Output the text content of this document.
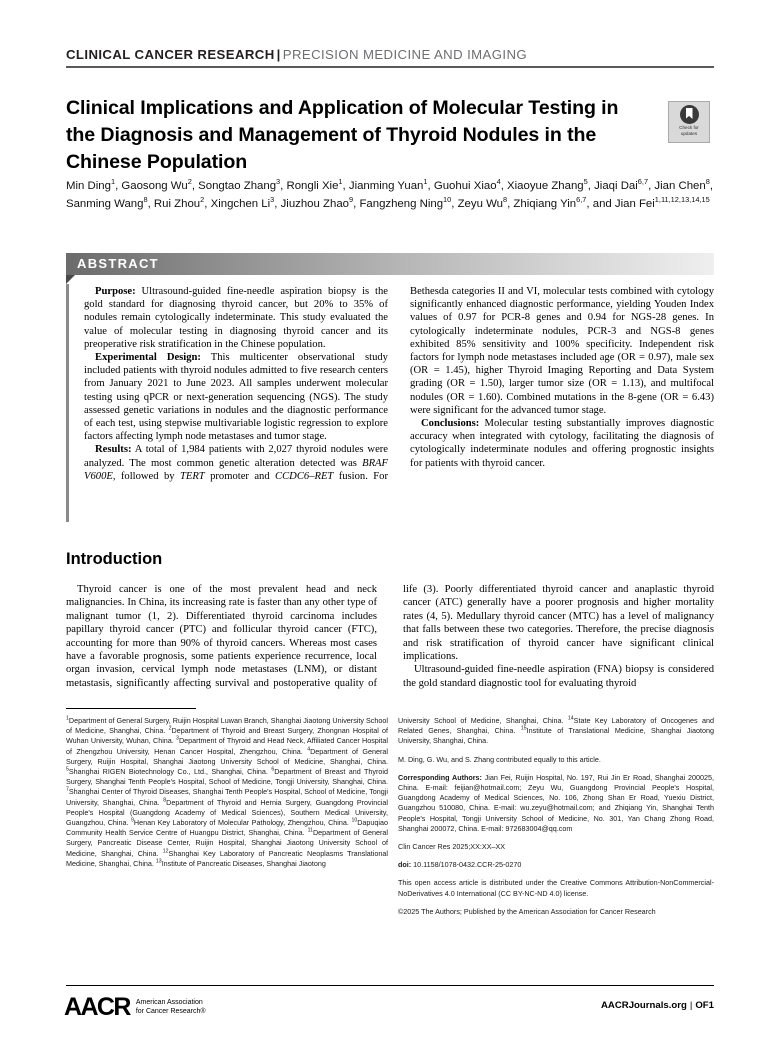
CLINICAL CANCER RESEARCH | PRECISION MEDICINE AND IMAGING
Clinical Implications and Application of Molecular Testing in the Diagnosis and Management of Thyroid Nodules in the Chinese Population
Check for
updates
Min Ding$^1$, Gaosong Wu$^2$, Songtao Zhang$^3$, Rongli Xie$^1$, Jianming Yuan$^1$, Guohui Xiao$^4$, Xiaoyue Zhang$^5$, Jiaqi Dai$^{6,7}$, Jian Chen$^8$, Sanming Wang$^8$, Rui Zhou$^2$, Xingchen Li$^3$, Jiuzhou Zhao$^9$, Fangzheng Ning$^{10}$, Zeyu Wu$^8$, Zhiqiang Yin$^{6,7}$, and Jian Fei$^{1,11,12,13,14,15}$
ABSTRACT

Purpose: Ultrasound-guided fine-needle aspiration biopsy is the gold standard for diagnosing thyroid cancer, but 20% to 35% of nodules remain cytologically indeterminate. This study evaluated the value of molecular testing in diagnosing thyroid cancer and its preoperative risk stratification in the Chinese population.

Experimental Design: This multicenter observational study included patients with thyroid nodules admitted to five research centers from January 2021 to June 2023. All samples underwent molecular testing using qPCR or next-generation sequencing (NGS). The study assessed genetic variations in nodules and the diagnostic performance of each test, using stepwise multivariable logistic regression to explore factors affecting lymph node metastases and tumor stage.

Results: A total of 1,984 patients with 2,027 thyroid nodules were analyzed. The most common genetic alteration detected was BRAF V600E, followed by TERT promoter and CCDC6–RET fusion. For Bethesda categories II and VI, molecular tests combined with cytology significantly enhanced diagnostic performance, yielding Youden Index values of 0.97 for PCR-8 genes and 0.94 for NGS-28 genes. In cytologically indeterminate nodules, PCR-3 and NGS-8 genes exhibited 85% sensitivity and 100% specificity. Independent risk factors for lymph node metastases included age (OR = 0.97), male sex (OR = 1.45), higher Thyroid Imaging Reporting and Data System grading (OR = 1.50), larger tumor size (OR = 1.13), and multifocal nodules (OR = 1.60). Combined mutations in the 8-gene (OR = 6.43) were significant for the advanced tumor stage.

Conclusions: Molecular testing substantially improves diagnostic accuracy when integrated with cytology, facilitating the diagnosis of cytologically indeterminate nodules and offering prognostic insights for patients with thyroid cancer.

Introduction

Thyroid cancer is one of the most prevalent head and neck malignancies. In China, its increasing rate is faster than any other type of malignant tumor (1, 2). Differentiated thyroid carcinoma includes papillary thyroid cancer (PTC) and follicular thyroid cancer (FTC), accounting for more than 90% of thyroid cancers. Whereas most cases have a favorable prognosis, some patients experience recurrence, local organ invasion, cervical lymph node metastases (LNM), or distant metastasis, significantly affecting survival and postoperative quality of life (3). Poorly differentiated thyroid cancer and anaplastic thyroid cancer (ATC) generally have a poorer prognosis and higher mortality rates (4, 5). Medullary thyroid cancer (MTC) has a level of malignancy that falls between these two categories. Therefore, the precise diagnosis and risk stratification of thyroid cancer have significant clinical implications.

Ultrasound-guided fine-needle aspiration (FNA) biopsy is considered the gold standard diagnostic tool for evaluating thyroid

$^1$Department of General Surgery, Ruijin Hospital Luwan Branch, Shanghai Jiaotong University School of Medicine, Shanghai, China. $^2$Department of Thyroid and Breast Surgery, Zhongnan Hospital of Wuhan University, Wuhan, China. $^3$Department of Thyroid and Head Neck, Affiliated Cancer Hospital of Zhengzhou University, Henan Cancer Hospital, Zhengzhou, China. $^4$Department of General Surgery, Ruijin Hospital, Shanghai Jiaotong University School of Medicine, Shanghai, China. $^5$Shanghai RIGEN Biotechnology Co., Ltd., Shanghai, China. $^6$Department of Breast and Thyroid Surgery, Shanghai Tenth People's Hospital, School of Medicine, Tongji University, Shanghai, China. $^7$Shanghai Center of Thyroid Diseases, Shanghai Tenth People's Hospital, School of Medicine, Tongji University, Shanghai, China. $^8$Department of Thyroid and Hernia Surgery, Guangdong Provincial People's Hospital (Guangdong Academy of Medical Sciences), Southern Medical University, Guangzhou, China. $^9$Henan Key Laboratory of Molecular Pathology, Zhengzhou, China. $^{10}$Dapuqiao Community Health Service Centre of Huangpu District, Shanghai, China. $^{11}$Department of General Surgery, Pancreatic Disease Center, Ruijin Hospital, Shanghai Jiaotong University School of Medicine, Shanghai, China. $^{12}$Shanghai Key Laboratory of Pancreatic Neoplasms Translational Medicine, Shanghai, China. $^{13}$Institute of Pancreatic Diseases, Shanghai Jiaotong

University School of Medicine, Shanghai, China. $^{14}$State Key Laboratory of Oncogenes and Related Genes, Shanghai, China. $^{15}$Institute of Translational Medicine, Shanghai Jiaotong University, Shanghai, China.

M. Ding, G. Wu, and S. Zhang contributed equally to this article.

Corresponding Authors: Jian Fei, Ruijin Hospital, No. 197, Rui Jin Er Road, Shanghai 200025, China. E-mail: feijian@hotmail.com; Zeyu Wu, Guangdong Provincial People's Hospital, Guangdong Academy of Medical Sciences, No. 106, Zhong Shan Er Road, Yuexiu District, Guangzhou 510080, China. E-mail: wu.zeyu@hotmail.com; and Zhiqiang Yin, Shanghai Tenth People's Hospital, Tongji University School of Medicine, No. 301, Yan Chang Zhong Road, Shanghai 200072, China. E-mail: 972683004@qq.com

Clin Cancer Res 2025;XX:XX–XX

doi: 10.1158/1078-0432.CCR-25-0270

This open access article is distributed under the Creative Commons Attribution-NonCommercial-NoDerivatives 4.0 International (CC BY-NC-ND 4.0) license.

©2025 The Authors; Published by the American Association for Cancer Research

AACR American Association
for Cancer Research®	AACRJournals.org | OF1
